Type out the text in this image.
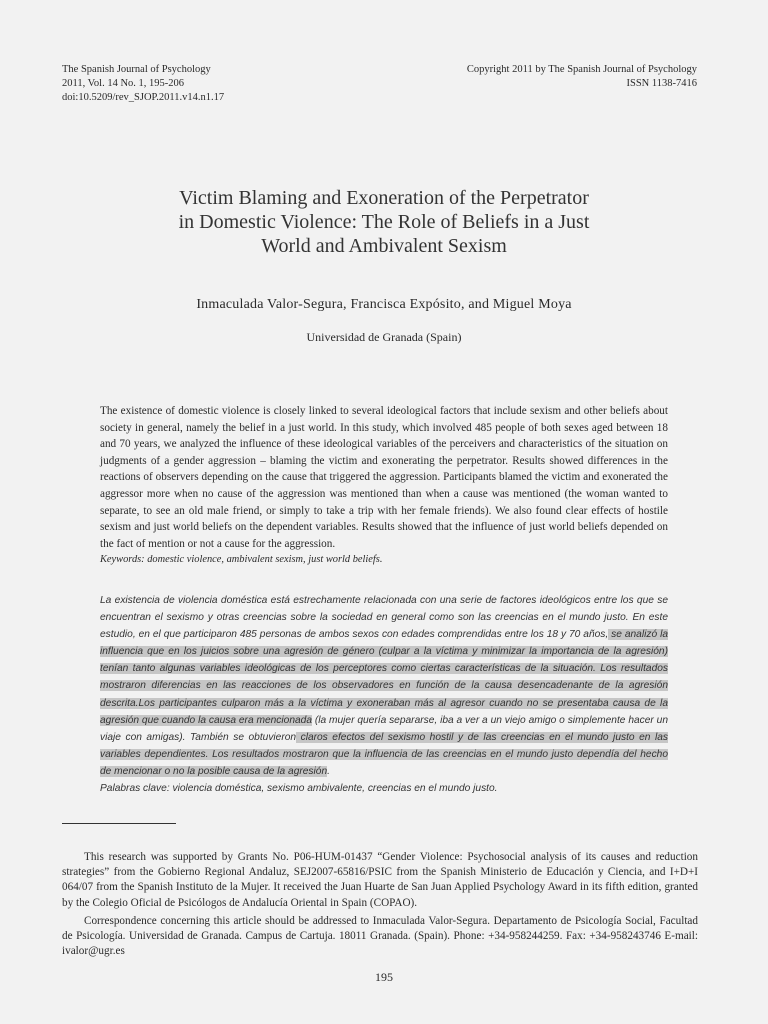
The Spanish Journal of Psychology
2011, Vol. 14 No. 1, 195-206
doi:10.5209/rev_SJOP.2011.v14.n1.17
Copyright 2011 by The Spanish Journal of Psychology
ISSN 1138-7416
Victim Blaming and Exoneration of the Perpetrator
in Domestic Violence: The Role of Beliefs in a Just
World and Ambivalent Sexism
Inmaculada Valor-Segura, Francisca Expósito, and Miguel Moya
Universidad de Granada (Spain)
The existence of domestic violence is closely linked to several ideological factors that include sexism and other beliefs about society in general, namely the belief in a just world. In this study, which involved 485 people of both sexes aged between 18 and 70 years, we analyzed the influence of these ideological variables of the perceivers and characteristics of the situation on judgments of a gender aggression – blaming the victim and exonerating the perpetrator. Results showed differences in the reactions of observers depending on the cause that triggered the aggression. Participants blamed the victim and exonerated the aggressor more when no cause of the aggression was mentioned than when a cause was mentioned (the woman wanted to separate, to see an old male friend, or simply to take a trip with her female friends). We also found clear effects of hostile sexism and just world beliefs on the dependent variables. Results showed that the influence of just world beliefs depended on the fact of mention or not a cause for the aggression.
Keywords: domestic violence, ambivalent sexism, just world beliefs.
La existencia de violencia doméstica está estrechamente relacionada con una serie de factores ideológicos entre los que se encuentran el sexismo y otras creencias sobre la sociedad en general como son las creencias en el mundo justo. En este estudio, en el que participaron 485 personas de ambos sexos con edades comprendidas entre los 18 y 70 años, se analizó la influencia que en los juicios sobre una agresión de género (culpar a la víctima y minimizar la importancia de la agresión) tenían tanto algunas variables ideológicas de los perceptores como ciertas características de la situación. Los resultados mostraron diferencias en las reacciones de los observadores en función de la causa desencadenante de la agresión descrita.Los participantes culparon más a la víctima y exoneraban más al agresor cuando no se presentaba causa de la agresión que cuando la causa era mencionada (la mujer quería separarse, iba a ver a un viejo amigo o simplemente hacer un viaje con amigas). También se obtuvieron claros efectos del sexismo hostil y de las creencias en el mundo justo en las variables dependientes. Los resultados mostraron que la influencia de las creencias en el mundo justo dependía del hecho de mencionar o no la posible causa de la agresión.
Palabras clave: violencia doméstica, sexismo ambivalente, creencias en el mundo justo.

This research was supported by Grants No. P06-HUM-01437 “Gender Violence: Psychosocial analysis of its causes and reduction strategies” from the Gobierno Regional Andaluz, SEJ2007-65816/PSIC from the Spanish Ministerio de Educación y Ciencia, and I+D+I 064/07 from the Spanish Instituto de la Mujer. It received the Juan Huarte de San Juan Applied Psychology Award in its fifth edition, granted by the Colegio Oficial de Psicólogos de Andalucía Oriental in Spain (COPAO).

Correspondence concerning this article should be addressed to Inmaculada Valor-Segura. Departamento de Psicología Social, Facultad de Psicología. Universidad de Granada. Campus de Cartuja. 18011 Granada. (Spain). Phone: +34-958244259. Fax: +34-958243746 E-mail: ivalor@ugr.es

195
